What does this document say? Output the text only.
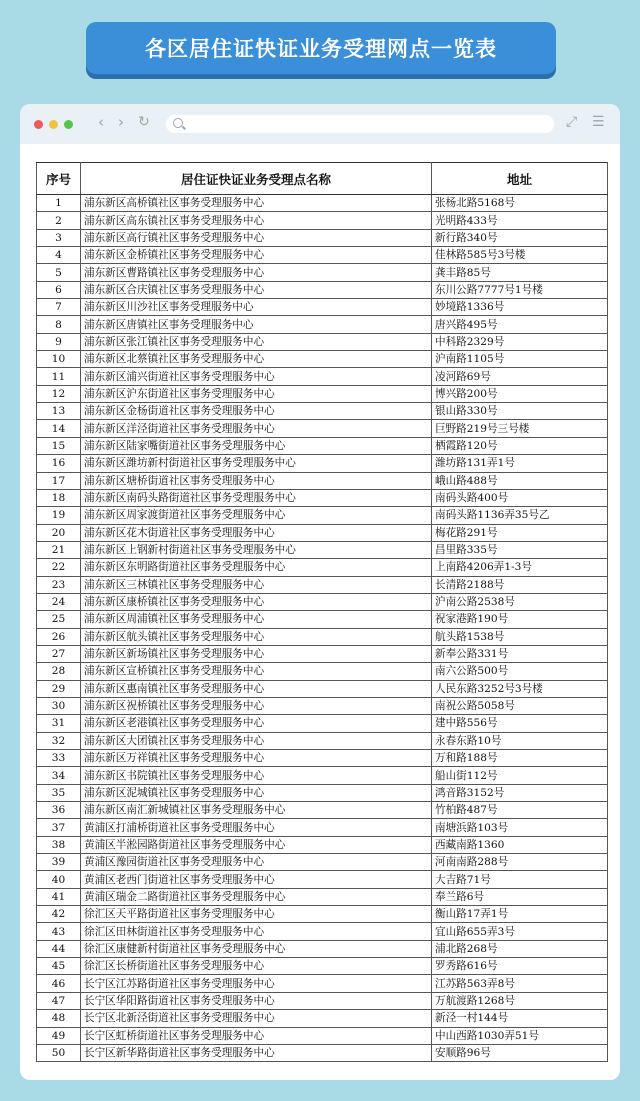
各区居住证快证业务受理网点一览表
‹ › ↻	⤢ ☰
序号	居住证快证业务受理点名称	地址
1	浦东新区高桥镇社区事务受理服务中心	张杨北路5168号
2	浦东新区高东镇社区事务受理服务中心	光明路433号
3	浦东新区高行镇社区事务受理服务中心	新行路340号
4	浦东新区金桥镇社区事务受理服务中心	佳林路585号3号楼
5	浦东新区曹路镇社区事务受理服务中心	龚丰路85号
6	浦东新区合庆镇社区事务受理服务中心	东川公路7777号1号楼
7	浦东新区川沙社区事务受理服务中心	妙境路1336号
8	浦东新区唐镇社区事务受理服务中心	唐兴路495号
9	浦东新区张江镇社区事务受理服务中心	中科路2329号
10	浦东新区北蔡镇社区事务受理服务中心	沪南路1105号
11	浦东新区浦兴街道社区事务受理服务中心	凌河路69号
12	浦东新区沪东街道社区事务受理服务中心	博兴路200号
13	浦东新区金杨街道社区事务受理服务中心	银山路330号
14	浦东新区洋泾街道社区事务受理服务中心	巨野路219号三号楼
15	浦东新区陆家嘴街道社区事务受理服务中心	栖霞路120号
16	浦东新区潍坊新村街道社区事务受理服务中心	潍坊路131弄1号
17	浦东新区塘桥街道社区事务受理服务中心	峨山路488号
18	浦东新区南码头路街道社区事务受理服务中心	南码头路400号
19	浦东新区周家渡街道社区事务受理服务中心	南码头路1136弄35号乙
20	浦东新区花木街道社区事务受理服务中心	梅花路291号
21	浦东新区上钢新村街道社区事务受理服务中心	昌里路335号
22	浦东新区东明路街道社区事务受理服务中心	上南路4206弄1-3号
23	浦东新区三林镇社区事务受理服务中心	长清路2188号
24	浦东新区康桥镇社区事务受理服务中心	沪南公路2538号
25	浦东新区周浦镇社区事务受理服务中心	祝家港路190号
26	浦东新区航头镇社区事务受理服务中心	航头路1538号
27	浦东新区新场镇社区事务受理服务中心	新奉公路331号
28	浦东新区宣桥镇社区事务受理服务中心	南六公路500号
29	浦东新区惠南镇社区事务受理服务中心	人民东路3252号3号楼
30	浦东新区祝桥镇社区事务受理服务中心	南祝公路5058号
31	浦东新区老港镇社区事务受理服务中心	建中路556号
32	浦东新区大团镇社区事务受理服务中心	永春东路10号
33	浦东新区万祥镇社区事务受理服务中心	万和路188号
34	浦东新区书院镇社区事务受理服务中心	船山街112号
35	浦东新区泥城镇社区事务受理服务中心	鸿音路3152号
36	浦东新区南汇新城镇社区事务受理服务中心	竹柏路487号
37	黄浦区打浦桥街道社区事务受理服务中心	南塘浜路103号
38	黄浦区半淞园路街道社区事务受理服务中心	西藏南路1360
39	黄浦区豫园街道社区事务受理服务中心	河南南路288号
40	黄浦区老西门街道社区事务受理服务中心	大吉路71号
41	黄浦区瑞金二路街道社区事务受理服务中心	奉兰路6号
42	徐汇区天平路街道社区事务受理服务中心	衡山路17弄1号
43	徐汇区田林街道社区事务受理服务中心	宜山路655弄3号
44	徐汇区康健新村街道社区事务受理服务中心	浦北路268号
45	徐汇区长桥街道社区事务受理服务中心	罗秀路616号
46	长宁区江苏路街道社区事务受理服务中心	江苏路563弄8号
47	长宁区华阳路街道社区事务受理服务中心	万航渡路1268号
48	长宁区北新泾街道社区事务受理服务中心	新泾一村144号
49	长宁区虹桥街道社区事务受理服务中心	中山西路1030弄51号
50	长宁区新华路街道社区事务受理服务中心	安顺路96号
